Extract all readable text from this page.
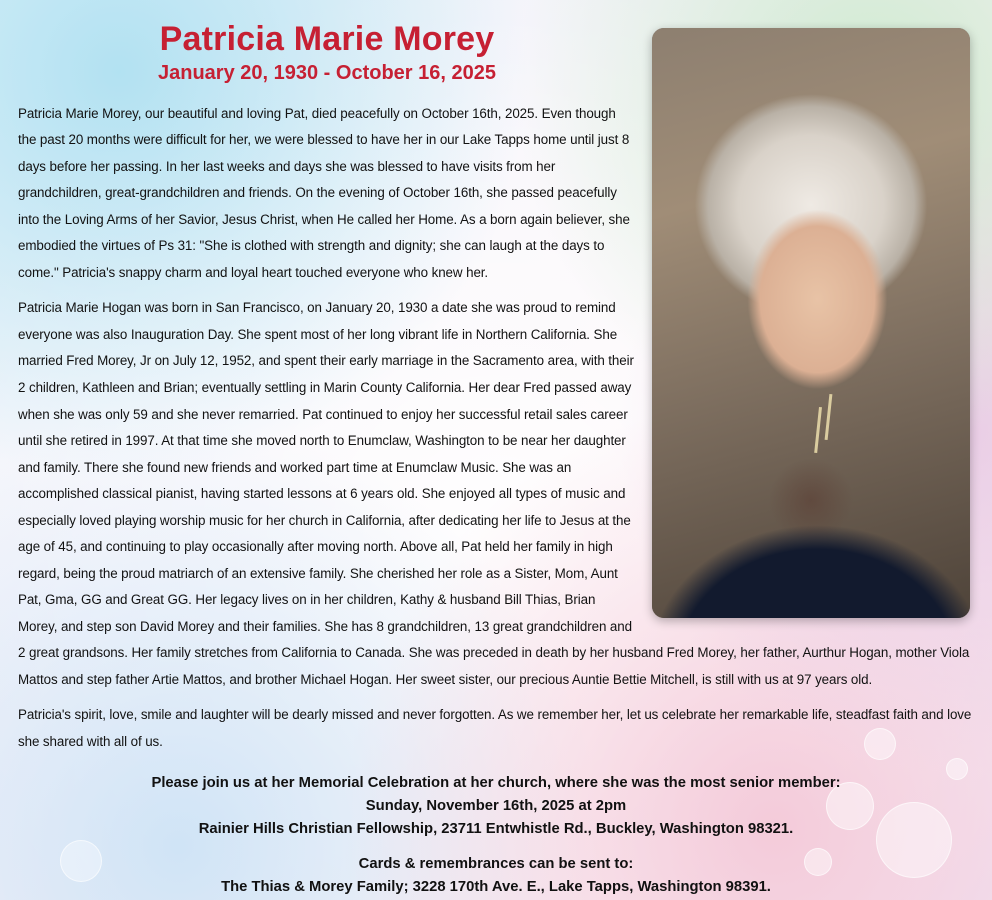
Patricia Marie Morey
January 20, 1930 - October 16, 2025

Patricia Marie Morey, our beautiful and loving Pat, died peacefully on October 16th, 2025. Even though the past 20 months were difficult for her, we were blessed to have her in our Lake Tapps home until just 8 days before her passing. In her last weeks and days she was blessed to have visits from her grandchildren, great-grandchildren and friends. On the evening of October 16th, she passed peacefully into the Loving Arms of her Savior, Jesus Christ, when He called her Home. As a born again believer, she embodied the virtues of Ps 31: "She is clothed with strength and dignity; she can laugh at the days to come." Patricia's snappy charm and loyal heart touched everyone who knew her.

Patricia Marie Hogan was born in San Francisco, on January 20, 1930 a date she was proud to remind everyone was also Inauguration Day. She spent most of her long vibrant life in Northern California. She married Fred Morey, Jr on July 12, 1952, and spent their early marriage in the Sacramento area, with their 2 children, Kathleen and Brian; eventually settling in Marin County California. Her dear Fred passed away when she was only 59 and she never remarried. Pat continued to enjoy her successful retail sales career until she retired in 1997. At that time she moved north to Enumclaw, Washington to be near her daughter and family. There she found new friends and worked part time at Enumclaw Music. She was an accomplished classical pianist, having started lessons at 6 years old. She enjoyed all types of music and especially loved playing worship music for her church in California, after dedicating her life to Jesus at the age of 45, and continuing to play occasionally after moving north. Above all, Pat held her family in high regard, being the proud matriarch of an extensive family. She cherished her role as a Sister, Mom, Aunt Pat, Gma, GG and Great GG. Her legacy lives on in her children, Kathy & husband Bill Thias, Brian Morey, and step son David Morey and their families. She has 8 grandchildren, 13 great grandchildren and 2 great grandsons. Her family stretches from California to Canada. She was preceded in death by her husband Fred Morey, her father, Aurthur Hogan, mother Viola Mattos and step father Artie Mattos, and brother Michael Hogan. Her sweet sister, our precious Auntie Bettie Mitchell, is still with us at 97 years old.

Patricia's spirit, love, smile and laughter will be dearly missed and never forgotten. As we remember her, let us celebrate her remarkable life, steadfast faith and love she shared with all of us.

Please join us at her Memorial Celebration at her church, where she was the most senior member:
Sunday, November 16th, 2025 at 2pm
Rainier Hills Christian Fellowship, 23711 Entwhistle Rd., Buckley, Washington 98321.
Cards & remembrances can be sent to:
The Thias & Morey Family; 3228 170th Ave. E., Lake Tapps, Washington 98391.
